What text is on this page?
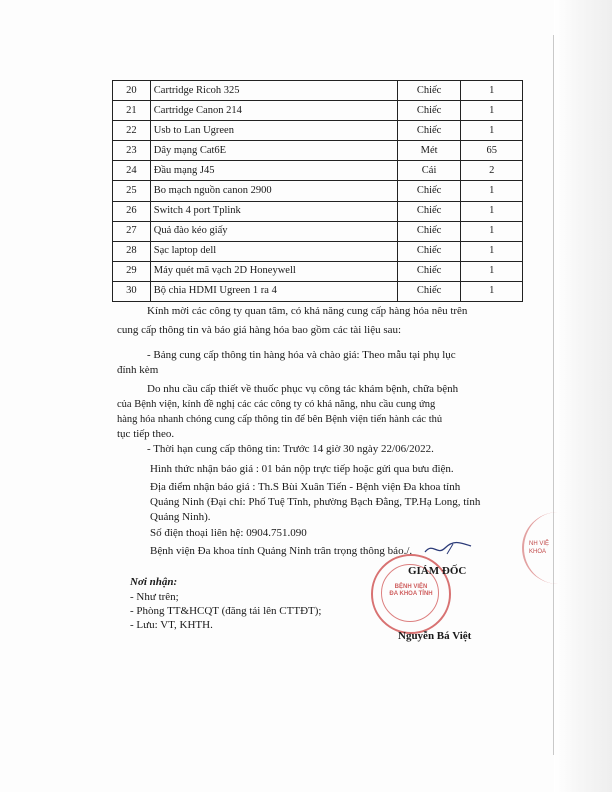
20	Cartridge Ricoh 325	Chiếc	1
21	Cartridge Canon 214	Chiếc	1
22	Usb to Lan Ugreen	Chiếc	1
23	Dây mạng Cat6E	Mét	65
24	Đầu mạng J45	Cái	2
25	Bo mạch nguồn canon 2900	Chiếc	1
26	Switch 4 port Tplink	Chiếc	1
27	Quả đào kéo giấy	Chiếc	1
28	Sạc laptop dell	Chiếc	1
29	Máy quét mã vạch 2D Honeywell	Chiếc	1
30	Bộ chia HDMI Ugreen 1 ra 4	Chiếc	1
Kính mời các công ty quan tâm, có khả năng cung cấp hàng hóa nêu trên
cung cấp thông tin và báo giá hàng hóa bao gồm các tài liệu sau:
- Bảng cung cấp thông tin hàng hóa và chào giá: Theo mẫu tại phụ lục
đính kèm
Do nhu cầu cấp thiết về thuốc phục vụ công tác khám bệnh, chữa bệnh
của Bệnh viện, kính đề nghị các các công ty có khả năng, nhu cầu cung ứng
hàng hóa nhanh chóng cung cấp thông tin để bên Bệnh viện tiến hành các thủ
tục tiếp theo.
- Thời hạn cung cấp thông tin: Trước 14 giờ 30 ngày 22/06/2022.
Hình thức nhận báo giá : 01 bản nộp trực tiếp hoặc gửi qua bưu điện.
Địa điểm nhận báo giá : Th.S Bùi Xuân Tiến - Bệnh viện Đa khoa tỉnh
Quảng Ninh (Đại chỉ: Phố Tuệ Tĩnh, phường Bạch Đằng, TP.Hạ Long, tỉnh
Quảng Ninh).
Số điện thoại liên hệ: 0904.751.090
Bệnh viện Đa khoa tỉnh Quảng Ninh trân trọng thông báo./.
Nơi nhận:
- Như trên;
- Phòng TT&HCQT (đăng tải lên CTTĐT);
- Lưu: VT, KHTH.
BỆNH VIỆN
ĐA KHOA TỈNH
GIÁM ĐỐC
Nguyễn Bá Việt
NH VIỆ KHOA
